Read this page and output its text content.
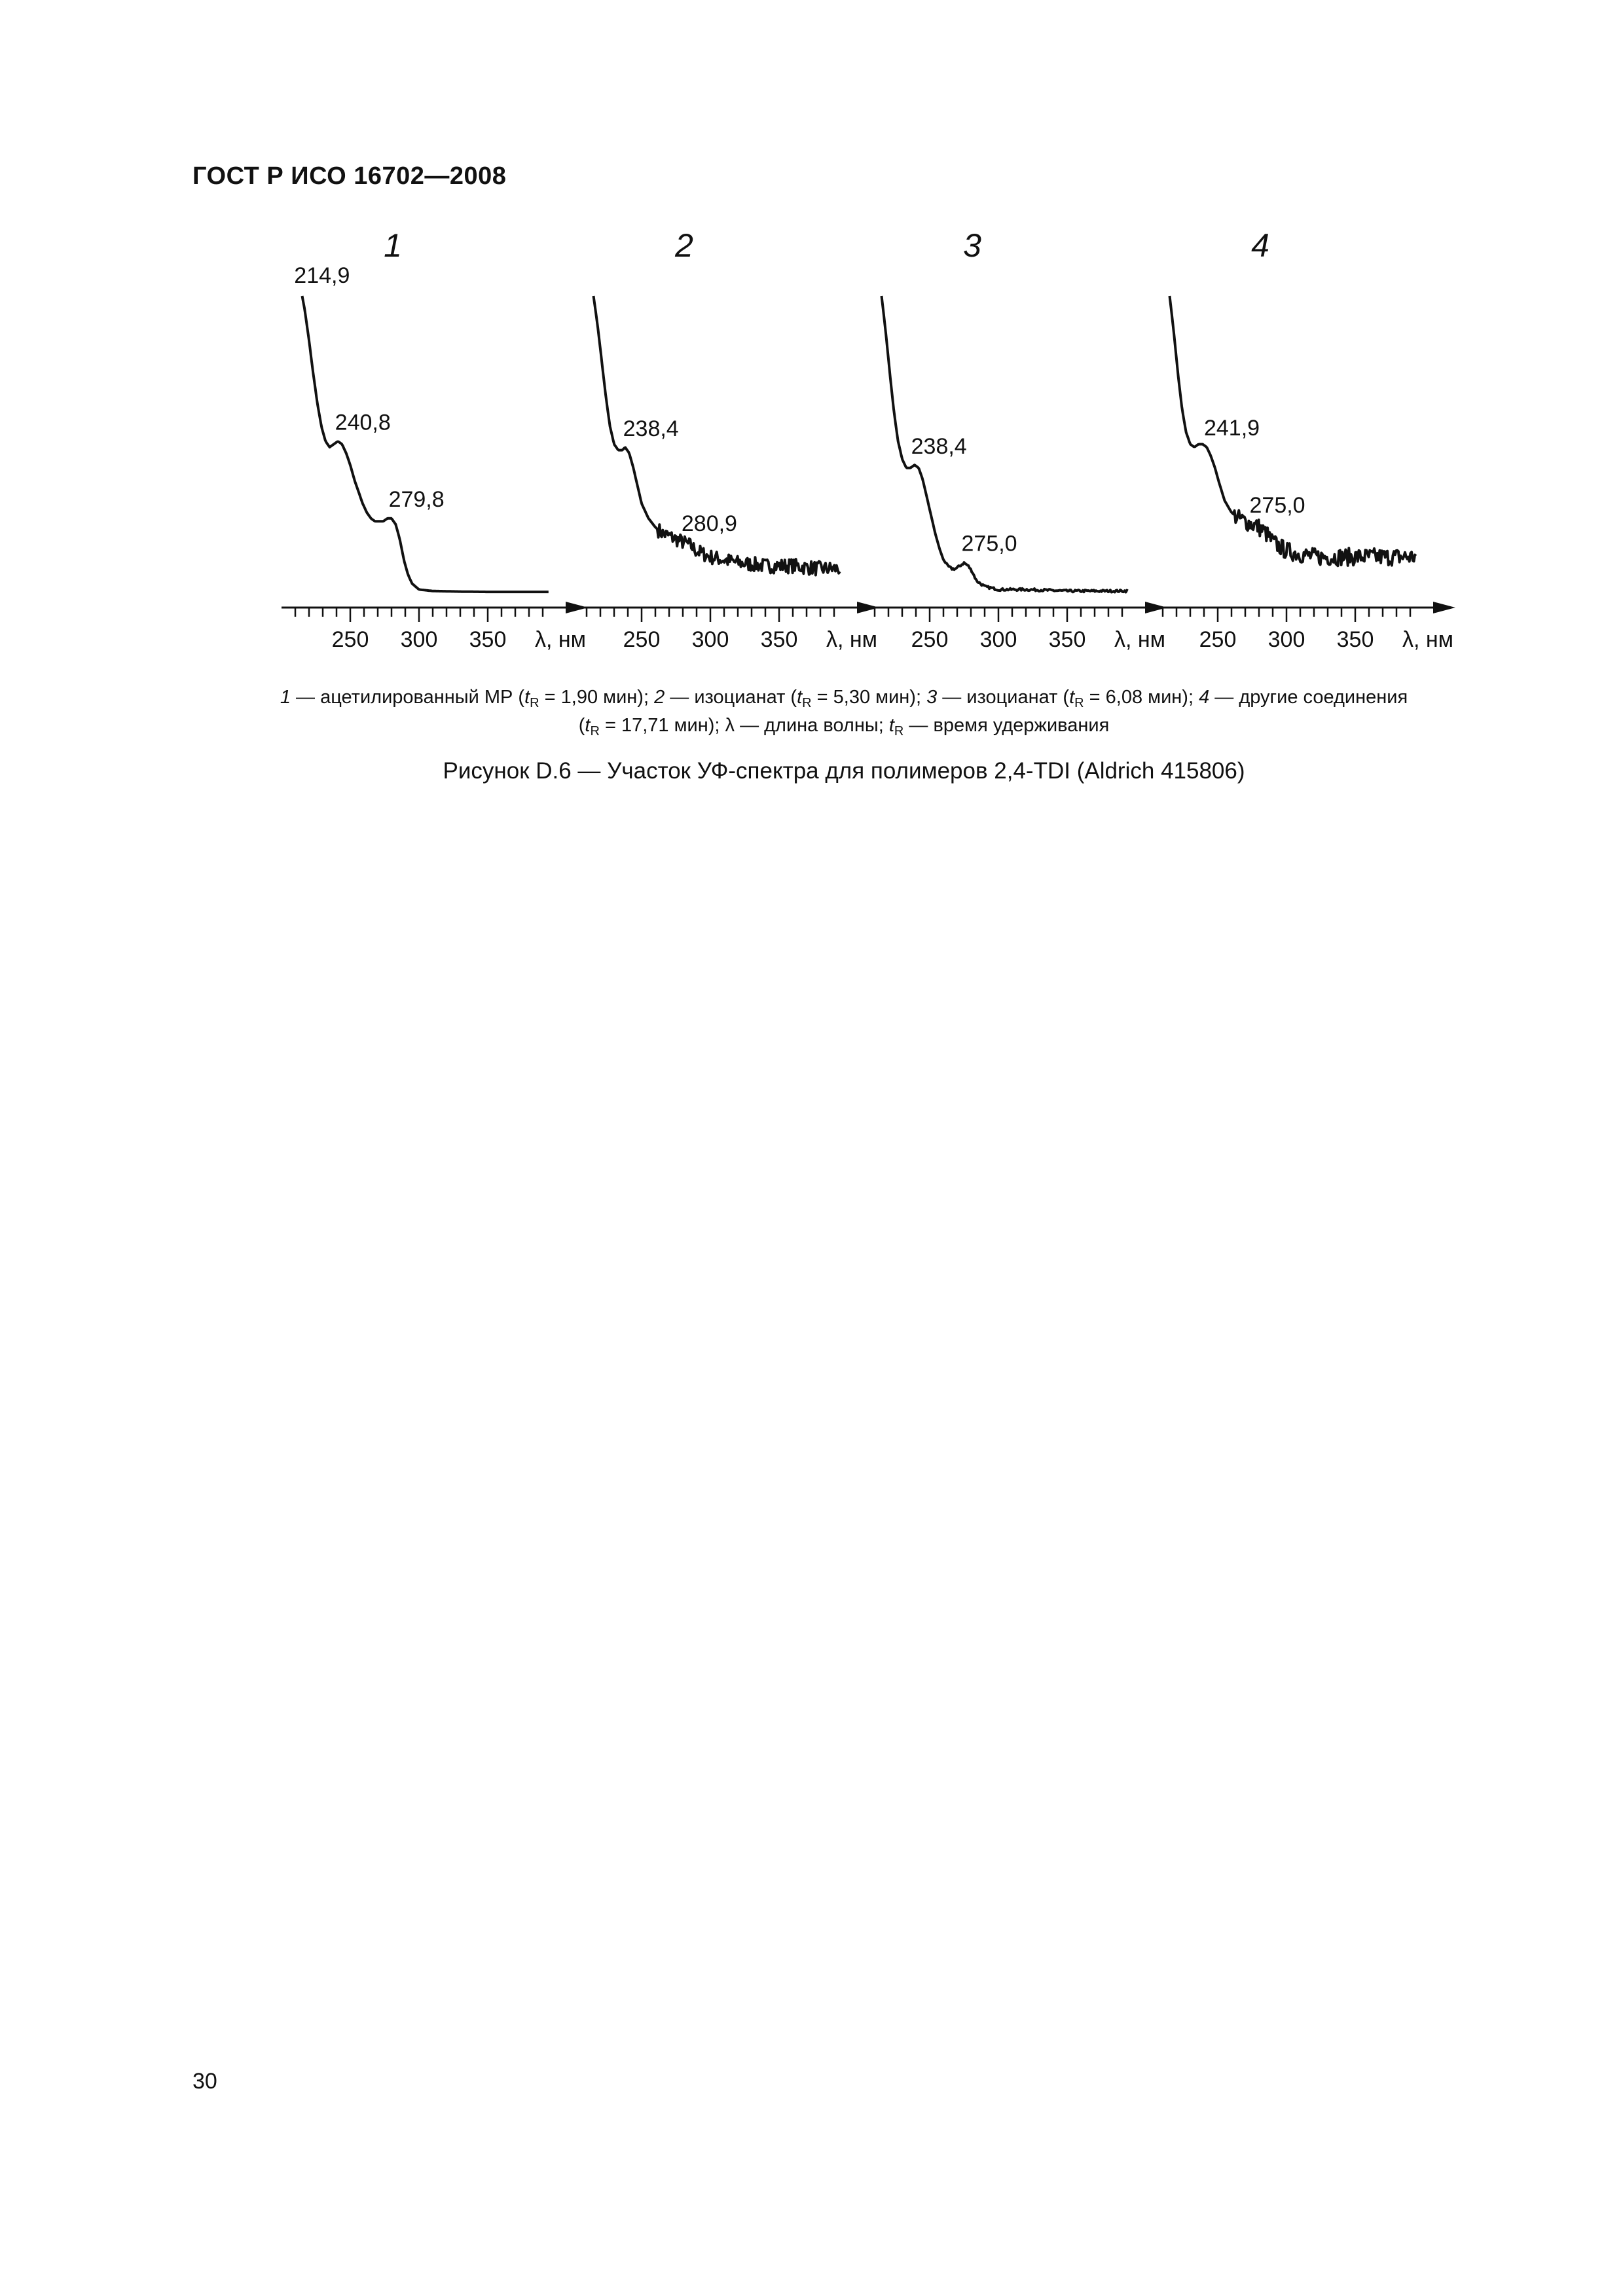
ГОСТ Р ИСО 16702—2008
1
250 300 350 λ, нм
214,9
240,8
279,8
2
250 300 350 λ, нм
238,4
280,9
3
250 300 350 λ, нм
238,4
275,0
4
250 300 350 λ, нм
241,9
275,0
1 — ацетилированный МР ($t_R = 1,90$ мин); 2 — изоцианат ($t_R = 5,30$ мин); 3 — изоцианат ($t_R = 6,08$ мин); 4 — другие соединения
($t_R = 17,71$ мин); λ — длина волны; $t_R$ — время удерживания
Рисунок D.6 — Участок УФ-спектра для полимеров 2,4-TDI (Aldrich 415806)
30
